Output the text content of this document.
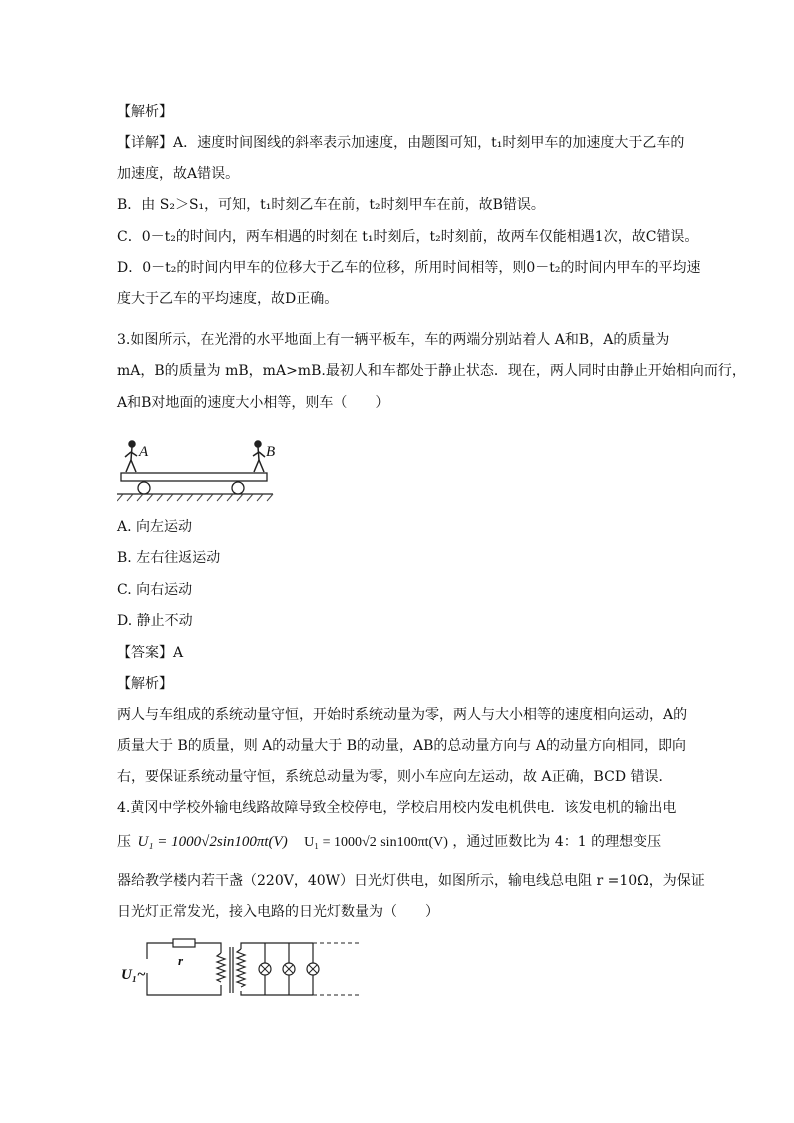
【解析】
【详解】A．速度时间图线的斜率表示加速度，由题图可知，t₁时刻甲车的加速度大于乙车的
加速度，故A错误。
B．由 S₂＞S₁，可知，t₁时刻乙车在前，t₂时刻甲车在前，故B错误。
C．0－t₂的时间内，两车相遇的时刻在 t₁时刻后，t₂时刻前，故两车仅能相遇1次，故C错误。
D．0－t₂的时间内甲车的位移大于乙车的位移，所用时间相等，则0－t₂的时间内甲车的平均速
度大于乙车的平均速度，故D正确。
3.如图所示，在光滑的水平地面上有一辆平板车，车的两端分别站着人 A和B，A的质量为
mA，B的质量为 mB，mA>mB.最初人和车都处于静止状态．现在，两人同时由静止开始相向而行，
A和B对地面的速度大小相等，则车（　　）
A	B
A. 向左运动
B. 左右往返运动
C. 向右运动
D. 静止不动
【答案】A
【解析】
两人与车组成的系统动量守恒，开始时系统动量为零，两人与大小相等的速度相向运动，A的
质量大于 B的质量，则 A的动量大于 B的动量，AB的总动量方向与 A的动量方向相同，即向
右，要保证系统动量守恒，系统总动量为零，则小车应向左运动，故 A正确，BCD 错误．
4.黄冈中学校外输电线路故障导致全校停电，学校启用校内发电机供电．该发电机的输出电
压 U₁ = 1000√2sin100πt(V) U₁ = 1000√2 sin100πt(V) ，通过匝数比为 4：1 的理想变压
器给教学楼内若干盏（220V，40W）日光灯供电，如图所示，输电线总电阻 r =10Ω，为保证
日光灯正常发光，接入电路的日光灯数量为（　　）
U₁~
r
